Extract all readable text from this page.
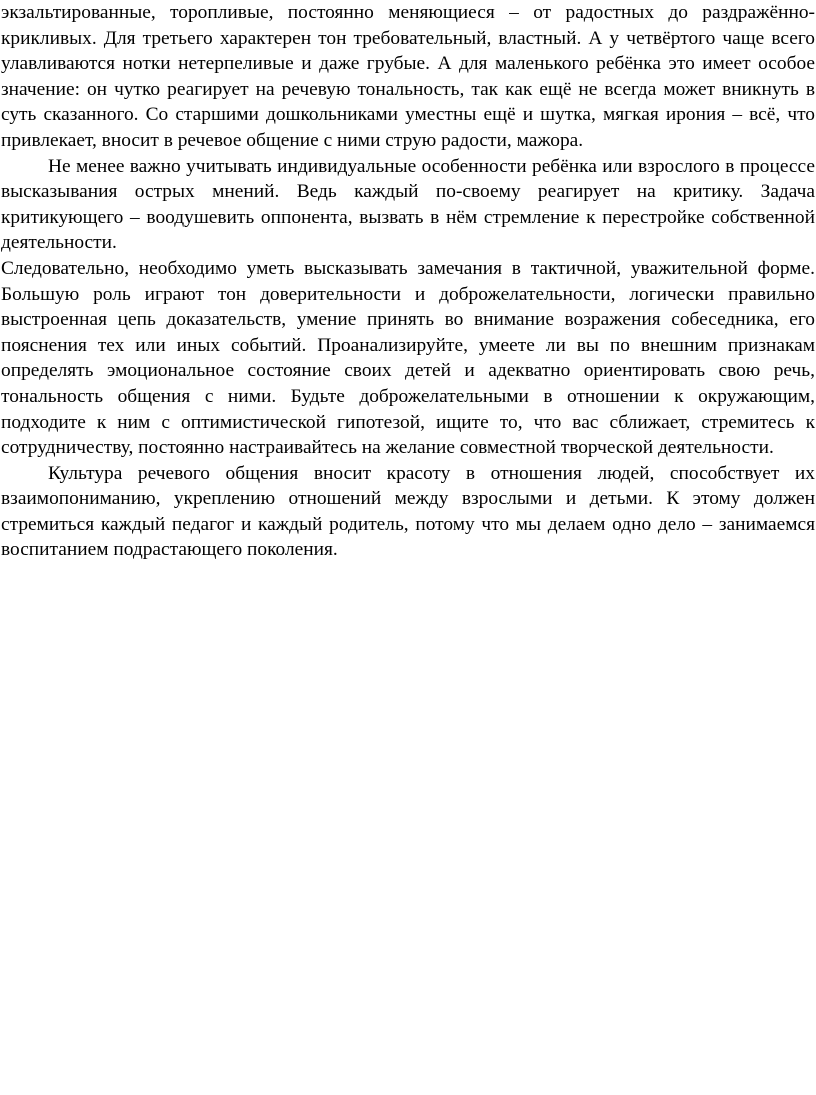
экзальтированные, торопливые, постоянно меняющиеся – от радостных до раздражённо- крикливых. Для третьего характерен тон требовательный, властный. А у четвёртого чаще всего улавливаются нотки нетерпеливые и даже грубые. А для маленького ребёнка это имеет особое значение: он чутко реагирует на речевую тональность, так как ещё не всегда может вникнуть в суть сказанного. Со старшими дошкольниками уместны ещё и шутка, мягкая ирония – всё, что привлекает, вносит в речевое общение с ними струю радости, мажора.

Не менее важно учитывать индивидуальные особенности ребёнка или взрослого в процессе высказывания острых мнений. Ведь каждый по-своему реагирует на критику. Задача критикующего – воодушевить оппонента, вызвать в нём стремление к перестройке собственной деятельности.

Следовательно, необходимо уметь высказывать замечания в тактичной, уважительной форме. Большую роль играют тон доверительности и доброжелательности, логически правильно выстроенная цепь доказательств, умение принять во внимание возражения собеседника, его пояснения тех или иных событий. Проанализируйте, умеете ли вы по внешним признакам определять эмоциональное состояние своих детей и адекватно ориентировать свою речь, тональность общения с ними. Будьте доброжелательными в отношении к окружающим, подходите к ним с оптимистической гипотезой, ищите то, что вас сближает, стремитесь к сотрудничеству, постоянно настраивайтесь на желание совместной творческой деятельности.

Культура речевого общения вносит красоту в отношения людей, способствует их взаимопониманию, укреплению отношений между взрослыми и детьми. К этому должен стремиться каждый педагог и каждый родитель, потому что мы делаем одно дело – занимаемся воспитанием подрастающего поколения.
